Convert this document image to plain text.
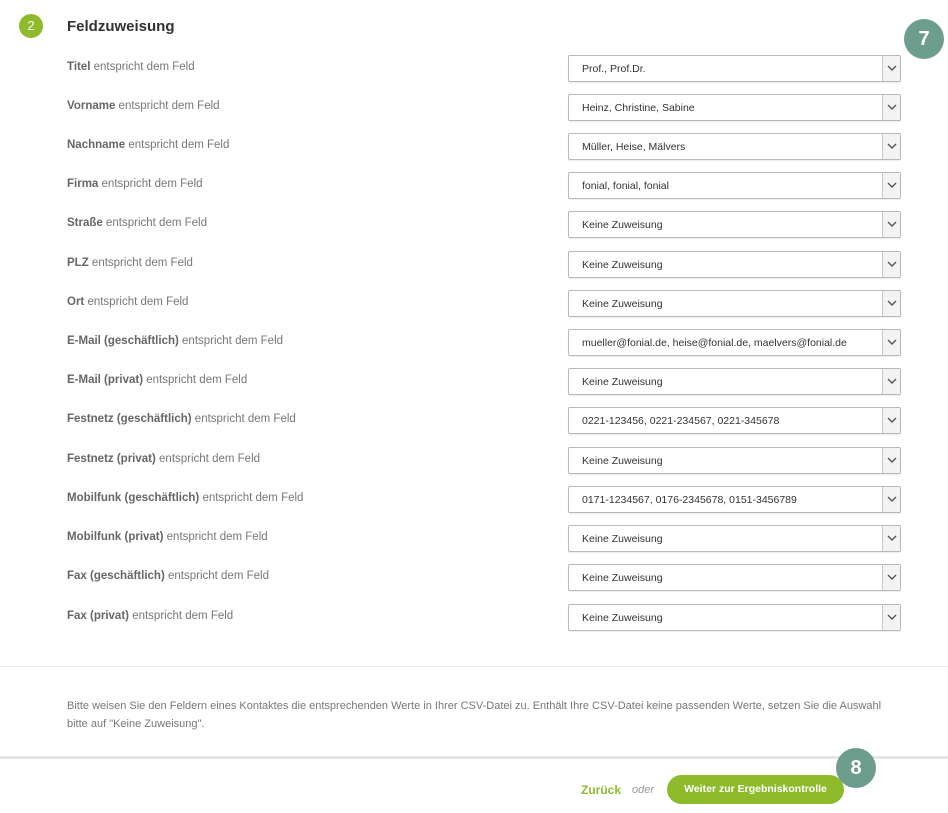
2	Feldzuweisung
7
Titel entspricht dem Feld	Prof., Prof.Dr.
Vorname entspricht dem Feld	Heinz, Christine, Sabine
Nachname entspricht dem Feld	Müller, Heise, Mälvers
Firma entspricht dem Feld	fonial, fonial, fonial
Straße entspricht dem Feld	Keine Zuweisung
PLZ entspricht dem Feld	Keine Zuweisung
Ort entspricht dem Feld	Keine Zuweisung
E-Mail (geschäftlich) entspricht dem Feld	mueller@fonial.de, heise@fonial.de, maelvers@fonial.de
E-Mail (privat) entspricht dem Feld	Keine Zuweisung
Festnetz (geschäftlich) entspricht dem Feld	0221-123456, 0221-234567, 0221-345678
Festnetz (privat) entspricht dem Feld	Keine Zuweisung
Mobilfunk (geschäftlich) entspricht dem Feld	0171-1234567, 0176-2345678, 0151-3456789
Mobilfunk (privat) entspricht dem Feld	Keine Zuweisung
Fax (geschäftlich) entspricht dem Feld	Keine Zuweisung
Fax (privat) entspricht dem Feld	Keine Zuweisung

Bitte weisen Sie den Feldern eines Kontaktes die entsprechenden Werte in Ihrer CSV-Datei zu. Enthält Ihre CSV-Datei keine passenden Werte, setzen Sie die Auswahl bitte auf "Keine Zuweisung".

Zurück oder	Weiter zur Ergebniskontrolle
8
